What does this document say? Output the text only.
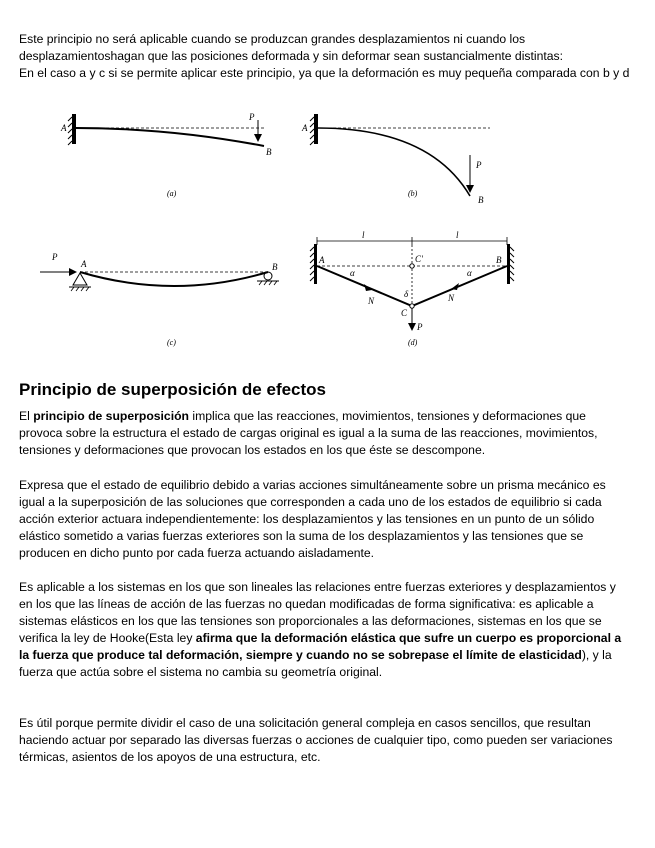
Este principio no será aplicable cuando se produzcan grandes desplazamientos ni cuando los desplazamientoshagan que las posiciones deformada y sin deformar sean sustancialmente distintas:
En el caso a y c si se permite aplicar este principio, ya que la deformación es muy pequeña comparada con b y d

A
P
B
(a)
A
P
B
(b)
P
A	B
(c)
l	l
A	B
C'
α	α
δ
N	N
C
P
(d)
Principio de superposición de efectos

El principio de superposición implica que las reacciones, movimientos, tensiones y deformaciones que provoca sobre la estructura el estado de cargas original es igual a la suma de las reacciones, movimientos, tensiones y deformaciones que provocan los estados en los que éste se descompone.

Expresa que el estado de equilibrio debido a varias acciones simultáneamente sobre un prisma mecánico es igual a la superposición de las soluciones que corresponden a cada uno de los estados de equilibrio si cada acción exterior actuara independientemente: los desplazamientos y las tensiones en un punto de un sólido elástico sometido a varias fuerzas exteriores son la suma de los desplazamientos y las tensiones que se producen en dicho punto por cada fuerza actuando aisladamente.

Es aplicable a los sistemas en los que son lineales las relaciones entre fuerzas exteriores y desplazamientos y en los que las líneas de acción de las fuerzas no quedan modificadas de forma significativa: es aplicable a sistemas elásticos en los que las tensiones son proporcionales a las deformaciones, sistemas en los que se verifica la ley de Hooke(Esta ley afirma que la deformación elástica que sufre un cuerpo es proporcional a la fuerza que produce tal deformación, siempre y cuando no se sobrepase el límite de elasticidad), y la fuerza que actúa sobre el sistema no cambia su geometría original.

Es útil porque permite dividir el caso de una solicitación general compleja en casos sencillos, que resultan haciendo actuar por separado las diversas fuerzas o acciones de cualquier tipo, como pueden ser variaciones térmicas, asientos de los apoyos de una estructura, etc.
